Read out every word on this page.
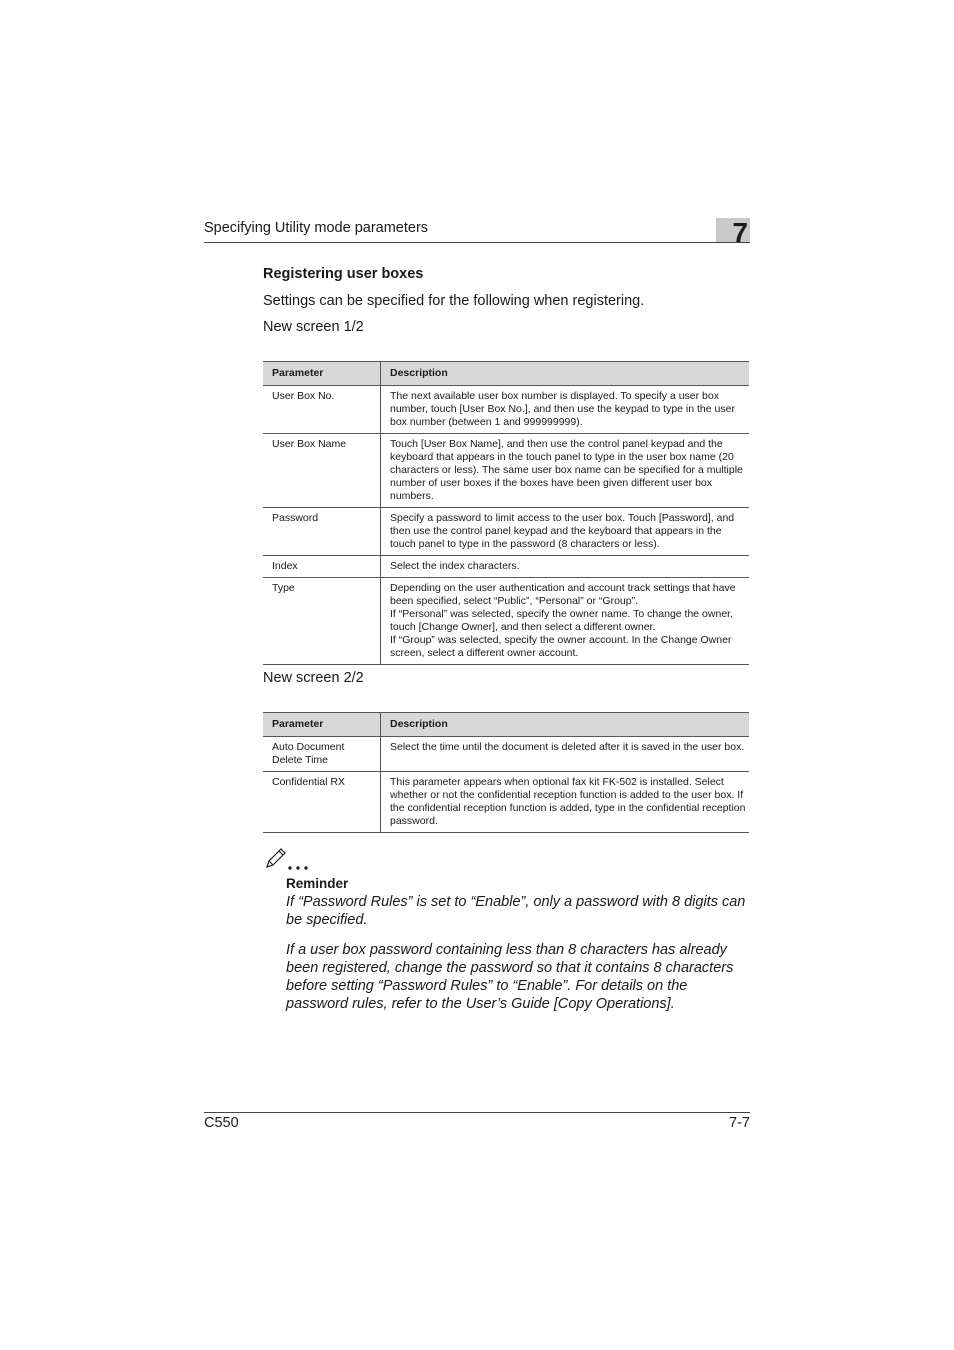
Specifying Utility mode parameters	7
Registering user boxes
Settings can be specified for the following when registering.
New screen 1/2
Parameter	Description
User Box No.	The next available user box number is displayed. To specify a user box number, touch [User Box No.], and then use the keypad to type in the user box number (between 1 and 999999999).
User Box Name	Touch [User Box Name], and then use the control panel keypad and the keyboard that appears in the touch panel to type in the user box name (20 characters or less). The same user box name can be specified for a multiple number of user boxes if the boxes have been given different user box numbers.
Password	Specify a password to limit access to the user box. Touch [Password], and then use the control panel keypad and the keyboard that appears in the touch panel to type in the password (8 characters or less).
Index	Select the index characters.
Type	Depending on the user authentication and account track settings that have been specified, select “Public”, “Personal” or “Group”.
If “Personal” was selected, specify the owner name. To change the owner, touch [Change Owner], and then select a different owner.
If “Group” was selected, specify the owner account. In the Change Owner screen, select a different owner account.
New screen 2/2
Parameter	Description
Auto Document Delete Time	Select the time until the document is deleted after it is saved in the user box.
Confidential RX	This parameter appears when optional fax kit FK-502 is installed. Select whether or not the confidential reception function is added to the user box. If the confidential reception function is added, type in the confidential reception password.
Reminder
If “Password Rules” is set to “Enable”, only a password with 8 digits can be specified.
If a user box password containing less than 8 characters has already been registered, change the password so that it contains 8 characters before setting “Password Rules” to “Enable”. For details on the password rules, refer to the User’s Guide [Copy Operations].
C550	7-7
